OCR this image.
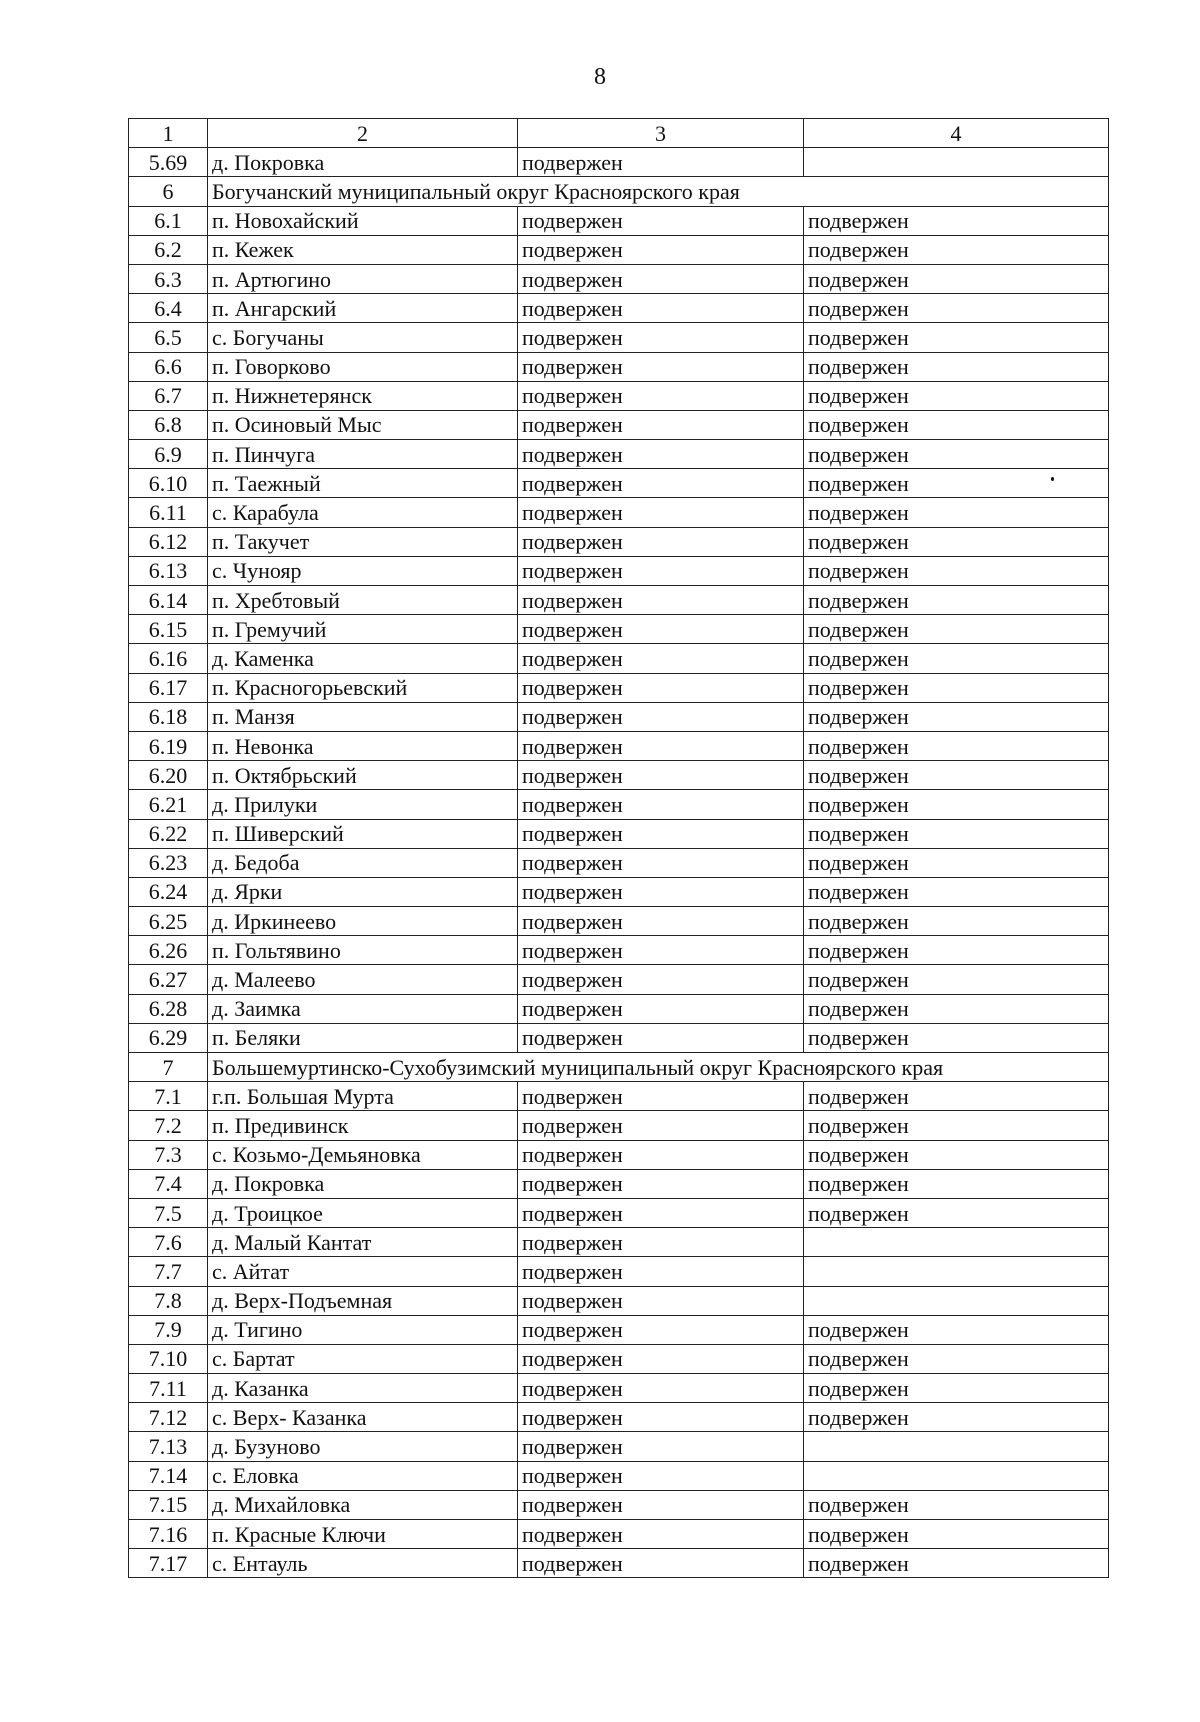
8
1	2	3	4
5.69	д. Покровка	подвержен	
6	Богучанский муниципальный округ Красноярского края		
6.1	п. Новохайский	подвержен	подвержен
6.2	п. Кежек	подвержен	подвержен
6.3	п. Артюгино	подвержен	подвержен
6.4	п. Ангарский	подвержен	подвержен
6.5	с. Богучаны	подвержен	подвержен
6.6	п. Говорково	подвержен	подвержен
6.7	п. Нижнетерянск	подвержен	подвержен
6.8	п. Осиновый Мыс	подвержен	подвержен
6.9	п. Пинчуга	подвержен	подвержен
6.10	п. Таежный	подвержен	подвержен
6.11	с. Карабула	подвержен	подвержен
6.12	п. Такучет	подвержен	подвержен
6.13	с. Чунояр	подвержен	подвержен
6.14	п. Хребтовый	подвержен	подвержен
6.15	п. Гремучий	подвержен	подвержен
6.16	д. Каменка	подвержен	подвержен
6.17	п. Красногорьевский	подвержен	подвержен
6.18	п. Манзя	подвержен	подвержен
6.19	п. Невонка	подвержен	подвержен
6.20	п. Октябрьский	подвержен	подвержен
6.21	д. Прилуки	подвержен	подвержен
6.22	п. Шиверский	подвержен	подвержен
6.23	д. Бедоба	подвержен	подвержен
6.24	д. Ярки	подвержен	подвержен
6.25	д. Иркинеево	подвержен	подвержен
6.26	п. Гольтявино	подвержен	подвержен
6.27	д. Малеево	подвержен	подвержен
6.28	д. Заимка	подвержен	подвержен
6.29	п. Беляки	подвержен	подвержен
7	Большемуртинско-Сухобузимский муниципальный округ Красноярского края		
7.1	г.п. Большая Мурта	подвержен	подвержен
7.2	п. Предивинск	подвержен	подвержен
7.3	с. Козьмо-Демьяновка	подвержен	подвержен
7.4	д. Покровка	подвержен	подвержен
7.5	д. Троицкое	подвержен	подвержен
7.6	д. Малый Кантат	подвержен	
7.7	с. Айтат	подвержен	
7.8	д. Верх-Подъемная	подвержен	
7.9	д. Тигино	подвержен	подвержен
7.10	с. Бартат	подвержен	подвержен
7.11	д. Казанка	подвержен	подвержен
7.12	с. Верх- Казанка	подвержен	подвержен
7.13	д. Бузуново	подвержен	
7.14	с. Еловка	подвержен	
7.15	д. Михайловка	подвержен	подвержен
7.16	п. Красные Ключи	подвержен	подвержен
7.17	с. Ентауль	подвержен	подвержен
